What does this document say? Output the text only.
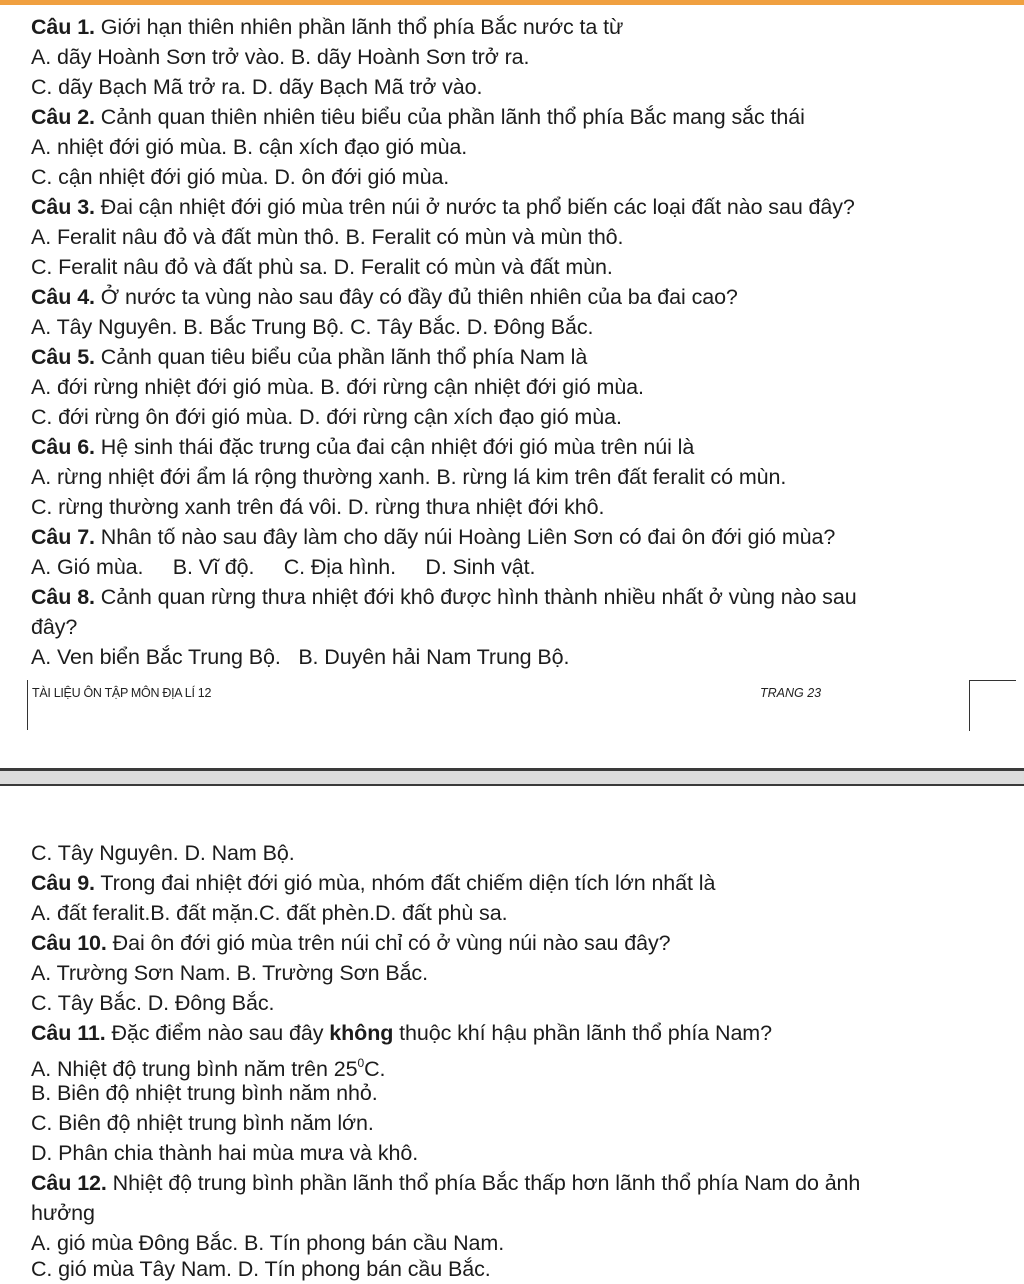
Câu 1. Giới hạn thiên nhiên phần lãnh thổ phía Bắc nước ta từ
A. dãy Hoành Sơn trở vào. B. dãy Hoành Sơn trở ra.
C. dãy Bạch Mã trở ra. D. dãy Bạch Mã trở vào.
Câu 2. Cảnh quan thiên nhiên tiêu biểu của phần lãnh thổ phía Bắc mang sắc thái
A. nhiệt đới gió mùa. B. cận xích đạo gió mùa.
C. cận nhiệt đới gió mùa. D. ôn đới gió mùa.
Câu 3. Đai cận nhiệt đới gió mùa trên núi ở nước ta phổ biến các loại đất nào sau đây?
A. Feralit nâu đỏ và đất mùn thô. B. Feralit có mùn và mùn thô.
C. Feralit nâu đỏ và đất phù sa. D. Feralit có mùn và đất mùn.
Câu 4. Ở nước ta vùng nào sau đây có đầy đủ thiên nhiên của ba đai cao?
A. Tây Nguyên. B. Bắc Trung Bộ. C. Tây Bắc. D. Đông Bắc.
Câu 5. Cảnh quan tiêu biểu của phần lãnh thổ phía Nam là
A. đới rừng nhiệt đới gió mùa. B. đới rừng cận nhiệt đới gió mùa.
C. đới rừng ôn đới gió mùa. D. đới rừng cận xích đạo gió mùa.
Câu 6. Hệ sinh thái đặc trưng của đai cận nhiệt đới gió mùa trên núi là
A. rừng nhiệt đới ẩm lá rộng thường xanh. B. rừng lá kim trên đất feralit có mùn.
C. rừng thường xanh trên đá vôi. D. rừng thưa nhiệt đới khô.
Câu 7. Nhân tố nào sau đây làm cho dãy núi Hoàng Liên Sơn có đai ôn đới gió mùa?
A. Gió mùa.     B. Vĩ độ.     C. Địa hình.     D. Sinh vật.
Câu 8. Cảnh quan rừng thưa nhiệt đới khô được hình thành nhiều nhất ở vùng nào sau
đây?
A. Ven biển Bắc Trung Bộ.   B. Duyên hải Nam Trung Bộ.
TÀI LIỆU ÔN TẬP MÔN ĐỊA LÍ 12	TRANG 23
C. Tây Nguyên. D. Nam Bộ.
Câu 9. Trong đai nhiệt đới gió mùa, nhóm đất chiếm diện tích lớn nhất là
A. đất feralit.B. đất mặn.C. đất phèn.D. đất phù sa.
Câu 10. Đai ôn đới gió mùa trên núi chỉ có ở vùng núi nào sau đây?
A. Trường Sơn Nam. B. Trường Sơn Bắc.
C. Tây Bắc. D. Đông Bắc.
Câu 11. Đặc điểm nào sau đây không thuộc khí hậu phần lãnh thổ phía Nam?
A. Nhiệt độ trung bình năm trên $25^0C$.
B. Biên độ nhiệt trung bình năm nhỏ.
C. Biên độ nhiệt trung bình năm lớn.
D. Phân chia thành hai mùa mưa và khô.
Câu 12. Nhiệt độ trung bình phần lãnh thổ phía Bắc thấp hơn lãnh thổ phía Nam do ảnh
hưởng
A. gió mùa Đông Bắc. B. Tín phong bán cầu Nam.
C. gió mùa Tây Nam. D. Tín phong bán cầu Bắc.
